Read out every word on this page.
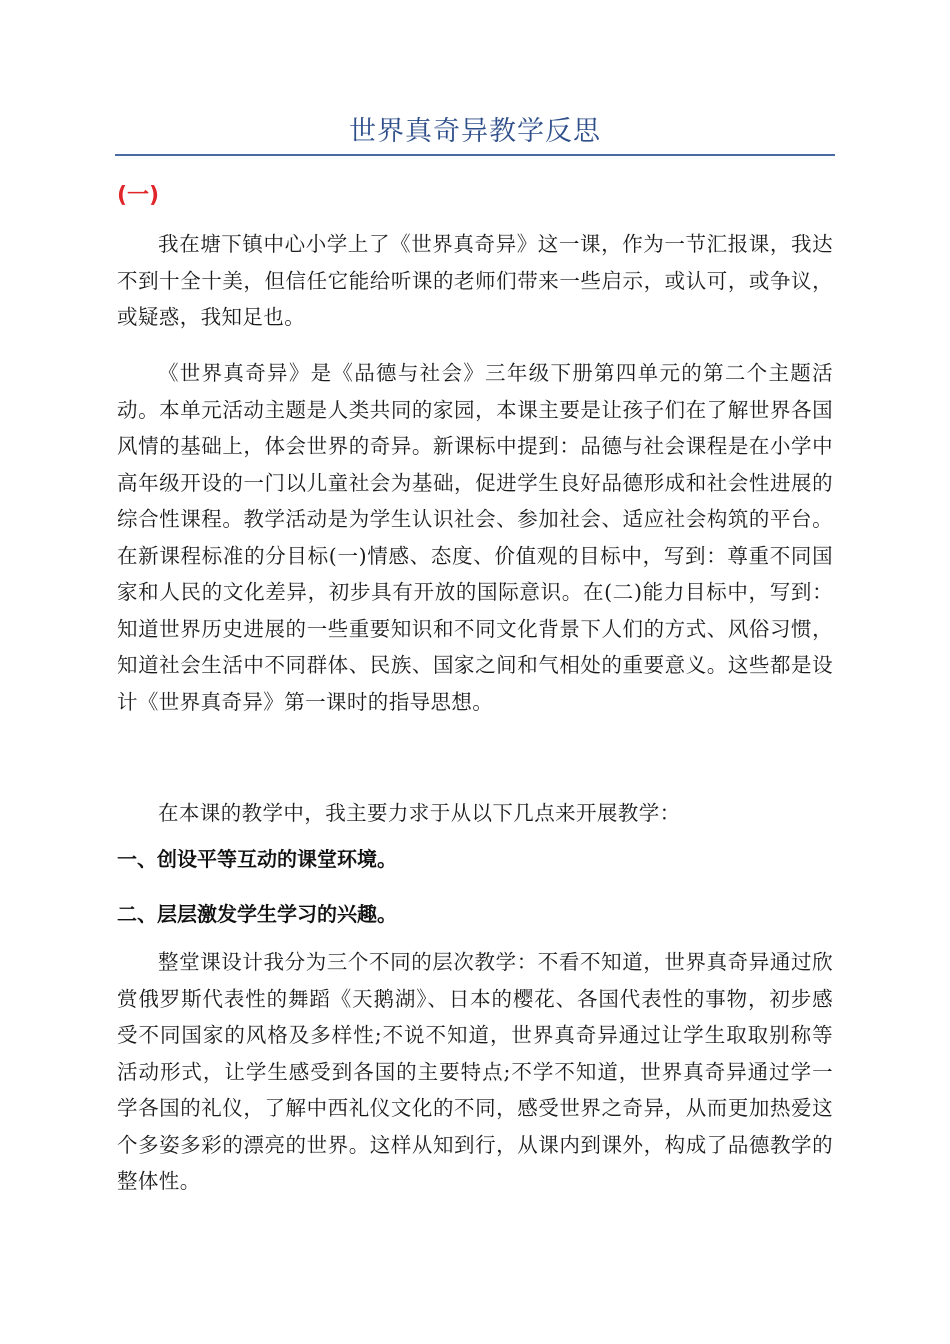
世界真奇异教学反思
(一)

我在塘下镇中心小学上了《世界真奇异》这一课，作为一节汇报课，我达不到十全十美，但信任它能给听课的老师们带来一些启示，或认可，或争议，或疑惑，我知足也。

《世界真奇异》是《品德与社会》三年级下册第四单元的第二个主题活动。本单元活动主题是人类共同的家园，本课主要是让孩子们在了解世界各国风情的基础上，体会世界的奇异。新课标中提到：品德与社会课程是在小学中高年级开设的一门以儿童社会为基础，促进学生良好品德形成和社会性进展的综合性课程。教学活动是为学生认识社会、参加社会、适应社会构筑的平台。在新课程标准的分目标(一)情感、态度、价值观的目标中，写到：尊重不同国家和人民的文化差异，初步具有开放的国际意识。在(二)能力目标中，写到：知道世界历史进展的一些重要知识和不同文化背景下人们的方式、风俗习惯，知道社会生活中不同群体、民族、国家之间和气相处的重要意义。这些都是设计《世界真奇异》第一课时的指导思想。

在本课的教学中，我主要力求于从以下几点来开展教学：

一、创设平等互动的课堂环境。

二、层层激发学生学习的兴趣。

整堂课设计我分为三个不同的层次教学：不看不知道，世界真奇异通过欣赏俄罗斯代表性的舞蹈《天鹅湖》、日本的樱花、各国代表性的事物，初步感受不同国家的风格及多样性;不说不知道，世界真奇异通过让学生取取别称等活动形式，让学生感受到各国的主要特点;不学不知道，世界真奇异通过学一学各国的礼仪，了解中西礼仪文化的不同，感受世界之奇异，从而更加热爱这个多姿多彩的漂亮的世界。这样从知到行，从课内到课外，构成了品德教学的整体性。
